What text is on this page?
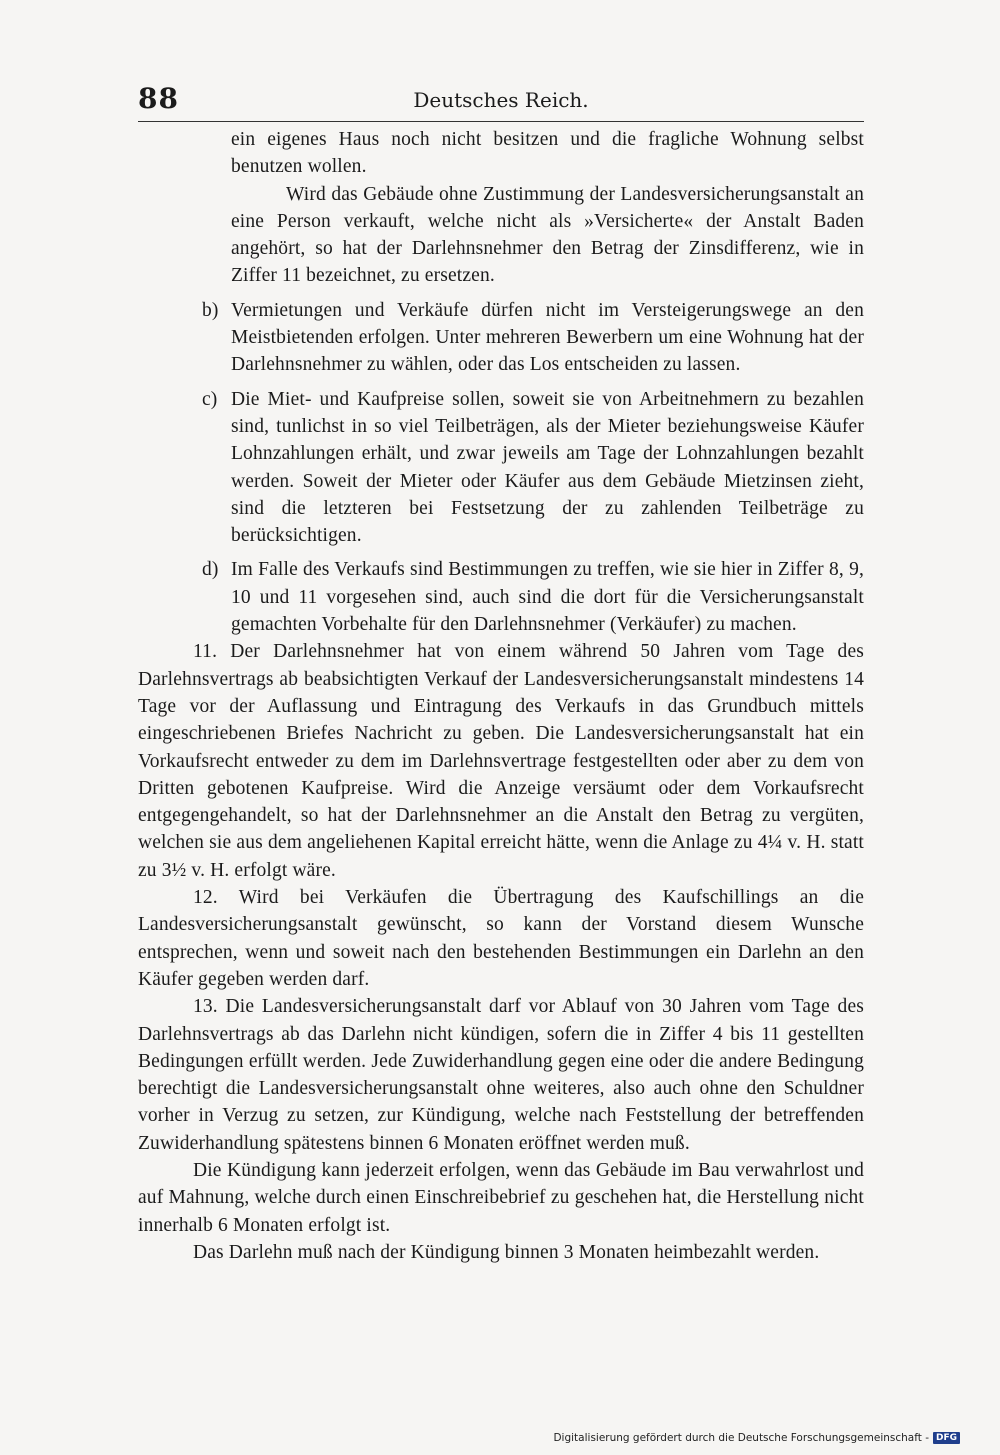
88	Deutsches Reich.

ein eigenes Haus noch nicht besitzen und die fragliche Wohnung selbst benutzen wollen.

Wird das Gebäude ohne Zustimmung der Landesversicherungsanstalt an eine Person verkauft, welche nicht als »Versicherte« der Anstalt Baden angehört, so hat der Darlehnsnehmer den Betrag der Zinsdifferenz, wie in Ziffer 11 bezeichnet, zu ersetzen.

b) Vermietungen und Verkäufe dürfen nicht im Versteigerungswege an den Meistbietenden erfolgen. Unter mehreren Bewerbern um eine Wohnung hat der Darlehnsnehmer zu wählen, oder das Los entscheiden zu lassen.

c) Die Miet- und Kaufpreise sollen, soweit sie von Arbeitnehmern zu bezahlen sind, tunlichst in so viel Teilbeträgen, als der Mieter beziehungsweise Käufer Lohnzahlungen erhält, und zwar jeweils am Tage der Lohnzahlungen bezahlt werden. Soweit der Mieter oder Käufer aus dem Gebäude Mietzinsen zieht, sind die letzteren bei Festsetzung der zu zahlenden Teilbeträge zu berücksichtigen.

d) Im Falle des Verkaufs sind Bestimmungen zu treffen, wie sie hier in Ziffer 8, 9, 10 und 11 vorgesehen sind, auch sind die dort für die Versicherungsanstalt gemachten Vorbehalte für den Darlehnsnehmer (Verkäufer) zu machen.

11. Der Darlehnsnehmer hat von einem während 50 Jahren vom Tage des Darlehnsvertrags ab beabsichtigten Verkauf der Landesversicherungsanstalt mindestens 14 Tage vor der Auflassung und Eintragung des Verkaufs in das Grundbuch mittels eingeschriebenen Briefes Nachricht zu geben. Die Landesversicherungsanstalt hat ein Vorkaufsrecht entweder zu dem im Darlehnsvertrage festgestellten oder aber zu dem von Dritten gebotenen Kaufpreise. Wird die Anzeige versäumt oder dem Vorkaufsrecht entgegengehandelt, so hat der Darlehnsnehmer an die Anstalt den Betrag zu vergüten, welchen sie aus dem angeliehenen Kapital erreicht hätte, wenn die Anlage zu 4¼ v. H. statt zu 3½ v. H. erfolgt wäre.

12. Wird bei Verkäufen die Übertragung des Kaufschillings an die Landesversicherungsanstalt gewünscht, so kann der Vorstand diesem Wunsche entsprechen, wenn und soweit nach den bestehenden Bestimmungen ein Darlehn an den Käufer gegeben werden darf.

13. Die Landesversicherungsanstalt darf vor Ablauf von 30 Jahren vom Tage des Darlehnsvertrags ab das Darlehn nicht kündigen, sofern die in Ziffer 4 bis 11 gestellten Bedingungen erfüllt werden. Jede Zuwiderhandlung gegen eine oder die andere Bedingung berechtigt die Landesversicherungsanstalt ohne weiteres, also auch ohne den Schuldner vorher in Verzug zu setzen, zur Kündigung, welche nach Feststellung der betreffenden Zuwiderhandlung spätestens binnen 6 Monaten eröffnet werden muß.

Die Kündigung kann jederzeit erfolgen, wenn das Gebäude im Bau verwahrlost und auf Mahnung, welche durch einen Einschreibebrief zu geschehen hat, die Herstellung nicht innerhalb 6 Monaten erfolgt ist.

Das Darlehn muß nach der Kündigung binnen 3 Monaten heimbezahlt werden.

Digitalisierung gefördert durch die Deutsche Forschungsgemeinschaft - DFG
